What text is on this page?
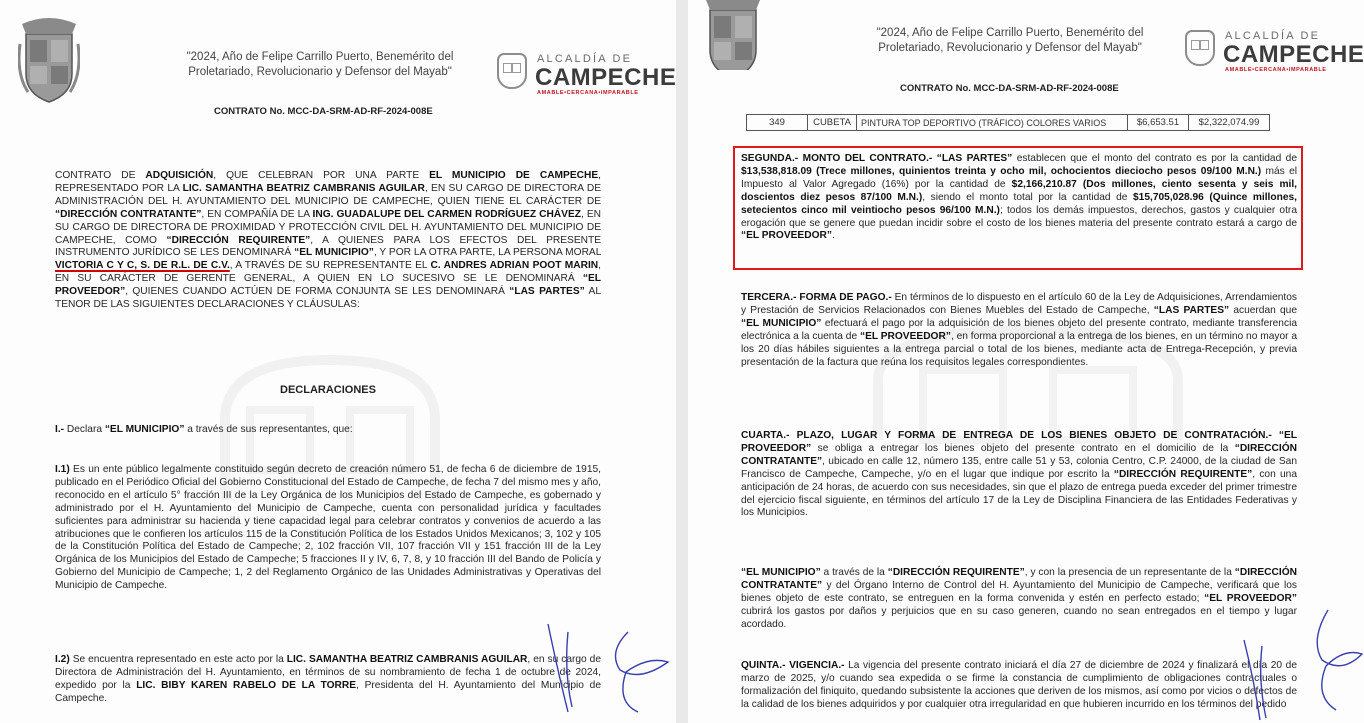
"2024, Año de Felipe Carrillo Puerto, Benemérito del Proletariado, Revolucionario y Defensor del Mayab"
ALCALDÍA DE
CAMPECHE
AMABLE•CERCANA•IMPARABLE
CONTRATO No. MCC-DA-SRM-AD-RF-2024-008E
CONTRATO DE ADQUISICIÓN, QUE CELEBRAN POR UNA PARTE EL MUNICIPIO DE CAMPECHE, REPRESENTADO POR LA LIC. SAMANTHA BEATRIZ CAMBRANIS AGUILAR, EN SU CARGO DE DIRECTORA DE ADMINISTRACIÓN DEL H. AYUNTAMIENTO DEL MUNICIPIO DE CAMPECHE, QUIEN TIENE EL CARÁCTER DE “DIRECCIÓN CONTRATANTE”, EN COMPAÑÍA DE LA ING. GUADALUPE DEL CARMEN RODRÍGUEZ CHÁVEZ, EN SU CARGO DE DIRECTORA DE PROXIMIDAD Y PROTECCIÓN CIVIL DEL H. AYUNTAMIENTO DEL MUNICIPIO DE CAMPECHE, COMO “DIRECCIÓN REQUIRENTE”, A QUIENES PARA LOS EFECTOS DEL PRESENTE INSTRUMENTO JURÍDICO SE LES DENOMINARÁ “EL MUNICIPIO”, Y POR LA OTRA PARTE, LA PERSONA MORAL VICTORIA C Y C, S. DE R.L. DE C.V., A TRAVÉS DE SU REPRESENTANTE EL C. ANDRES ADRIAN POOT MARIN, EN SU CARÁCTER DE GERENTE GENERAL, A QUIEN EN LO SUCESIVO SE LE DENOMINARÁ “EL PROVEEDOR”, QUIENES CUANDO ACTÚEN DE FORMA CONJUNTA SE LES DENOMINARÁ “LAS PARTES” AL TENOR DE LAS SIGUIENTES DECLARACIONES Y CLÁUSULAS:
DECLARACIONES
I.- Declara “EL MUNICIPIO” a través de sus representantes, que:
I.1) Es un ente público legalmente constituido según decreto de creación número 51, de fecha 6 de diciembre de 1915, publicado en el Periódico Oficial del Gobierno Constitucional del Estado de Campeche, de fecha 7 del mismo mes y año, reconocido en el artículo 5° fracción III de la Ley Orgánica de los Municipios del Estado de Campeche, es gobernado y administrado por el H. Ayuntamiento del Municipio de Campeche, cuenta con personalidad jurídica y facultades suficientes para administrar su hacienda y tiene capacidad legal para celebrar contratos y convenios de acuerdo a las atribuciones que le confieren los artículos 115 de la Constitución Política de los Estados Unidos Mexicanos; 3, 102 y 105 de la Constitución Política del Estado de Campeche; 2, 102 fracción VII, 107 fracción VII y 151 fracción III de la Ley Orgánica de los Municipios del Estado de Campeche; 5 fracciones II y IV, 6, 7, 8, y 10 fracción III del Bando de Policía y Gobierno del Municipio de Campeche; 1, 2 del Reglamento Orgánico de las Unidades Administrativas y Operativas del Municipio de Campeche.
I.2) Se encuentra representado en este acto por la LIC. SAMANTHA BEATRIZ CAMBRANIS AGUILAR, en su cargo de Directora de Administración del H. Ayuntamiento, en términos de su nombramiento de fecha 1 de octubre de 2024, expedido por la LIC. BIBY KAREN RABELO DE LA TORRE, Presidenta del H. Ayuntamiento del Municipio de Campeche.
"2024, Año de Felipe Carrillo Puerto, Benemérito del Proletariado, Revolucionario y Defensor del Mayab"
ALCALDÍA DE
CAMPECHE
AMABLE•CERCANA•IMPARABLE
CONTRATO No. MCC-DA-SRM-AD-RF-2024-008E
349	CUBETA	PINTURA TOP DEPORTIVO (TRÁFICO) COLORES VARIOS	$6,653.51	$2,322,074.99
SEGUNDA.- MONTO DEL CONTRATO.- “LAS PARTES” establecen que el monto del contrato es por la cantidad de $13,538,818.09 (Trece millones, quinientos treinta y ocho mil, ochocientos dieciocho pesos 09/100 M.N.) más el Impuesto al Valor Agregado (16%) por la cantidad de $2,166,210.87 (Dos millones, ciento sesenta y seis mil, doscientos diez pesos 87/100 M.N.), siendo el monto total por la cantidad de $15,705,028.96 (Quince millones, setecientos cinco mil veintiocho pesos 96/100 M.N.); todos los demás impuestos, derechos, gastos y cualquier otra erogación que se genere que puedan incidir sobre el costo de los bienes materia del presente contrato estará a cargo de “EL PROVEEDOR”.
TERCERA.- FORMA DE PAGO.- En términos de lo dispuesto en el artículo 60 de la Ley de Adquisiciones, Arrendamientos y Prestación de Servicios Relacionados con Bienes Muebles del Estado de Campeche, “LAS PARTES” acuerdan que “EL MUNICIPIO” efectuará el pago por la adquisición de los bienes objeto del presente contrato, mediante transferencia electrónica a la cuenta de “EL PROVEEDOR”, en forma proporcional a la entrega de los bienes, en un término no mayor a los 20 días hábiles siguientes a la entrega parcial o total de los bienes, mediante acta de Entrega-Recepción, y previa presentación de la factura que reúna los requisitos legales correspondientes.
CUARTA.- PLAZO, LUGAR Y FORMA DE ENTREGA DE LOS BIENES OBJETO DE CONTRATACIÓN.- “EL PROVEEDOR” se obliga a entregar los bienes objeto del presente contrato en el domicilio de la “DIRECCIÓN CONTRATANTE”, ubicado en calle 12, número 135, entre calle 51 y 53, colonia Centro, C.P. 24000, de la ciudad de San Francisco de Campeche, Campeche, y/o en el lugar que indique por escrito la “DIRECCIÓN REQUIRENTE”, con una anticipación de 24 horas, de acuerdo con sus necesidades, sin que el plazo de entrega pueda exceder del primer trimestre del ejercicio fiscal siguiente, en términos del artículo 17 de la Ley de Disciplina Financiera de las Entidades Federativas y los Municipios.
“EL MUNICIPIO” a través de la “DIRECCIÓN REQUIRENTE”, y con la presencia de un representante de la “DIRECCIÓN CONTRATANTE” y del Órgano Interno de Control del H. Ayuntamiento del Municipio de Campeche, verificará que los bienes objeto de este contrato, se entreguen en la forma convenida y estén en perfecto estado; “EL PROVEEDOR” cubrirá los gastos por daños y perjuicios que en su caso generen, cuando no sean entregados en el tiempo y lugar acordado.
QUINTA.- VIGENCIA.- La vigencia del presente contrato iniciará el día 27 de diciembre de 2024 y finalizará el día 20 de marzo de 2025, y/o cuando sea expedida o se firme la constancia de cumplimiento de obligaciones contractuales o formalización del finiquito, quedando subsistente la acciones que deriven de los mismos, así como por vicios o defectos de la calidad de los bienes adquiridos y por cualquier otra irregularidad en que hubieren incurrido en los términos del pedido
